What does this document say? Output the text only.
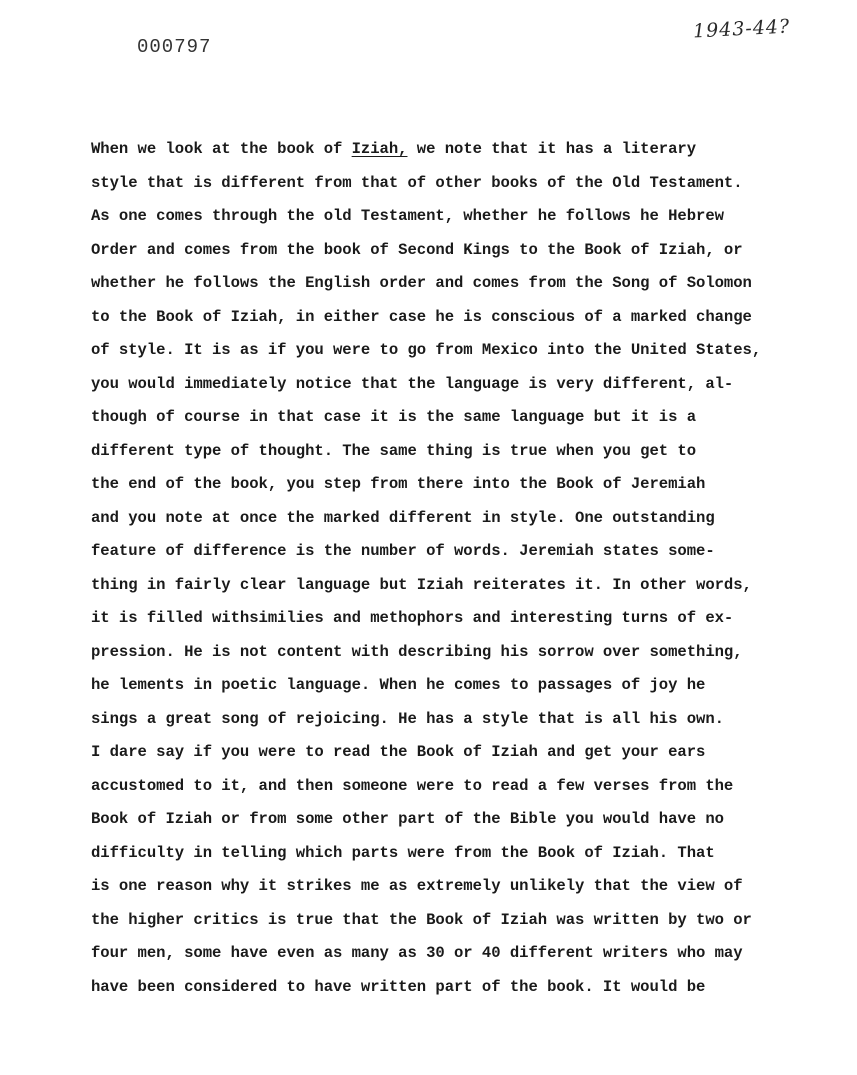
000797
1943-44?
When we look at the book of Iziah, we note that it has a literary
style that is different from that of other books of the Old Testament.
As one comes through the old Testament, whether he follows he Hebrew
Order and comes from the book of Second Kings to the Book of Iziah, or
whether he follows the English order and comes from the Song of Solomon
to the Book of Iziah, in either case he is conscious of a marked change
of style. It is as if you were to go from Mexico into the United States,
you would immediately notice that the language is very different, al-
though of course in that case it is the same language but it is a
different type of thought. The same thing is true when you get to
the end of the book, you step from there into the Book of Jeremiah
and you note at once the marked different in style. One outstanding
feature of difference is the number of words. Jeremiah states some-
thing in fairly clear language but Iziah reiterates it. In other words,
it is filled withsimilies and methophors and interesting turns of ex-
pression. He is not content with describing his sorrow over something,
he lements in poetic language. When he comes to passages of joy he
sings a great song of rejoicing. He has a style that is all his own.
I dare say if you were to read the Book of Iziah and get your ears
accustomed to it, and then someone were to read a few verses from the
Book of Iziah or from some other part of the Bible you would have no
difficulty in telling which parts were from the Book of Iziah. That
is one reason why it strikes me as extremely unlikely that the view of
the higher critics is true that the Book of Iziah was written by two or
four men, some have even as many as 30 or 40 different writers who may
have been considered to have written part of the book. It would be
